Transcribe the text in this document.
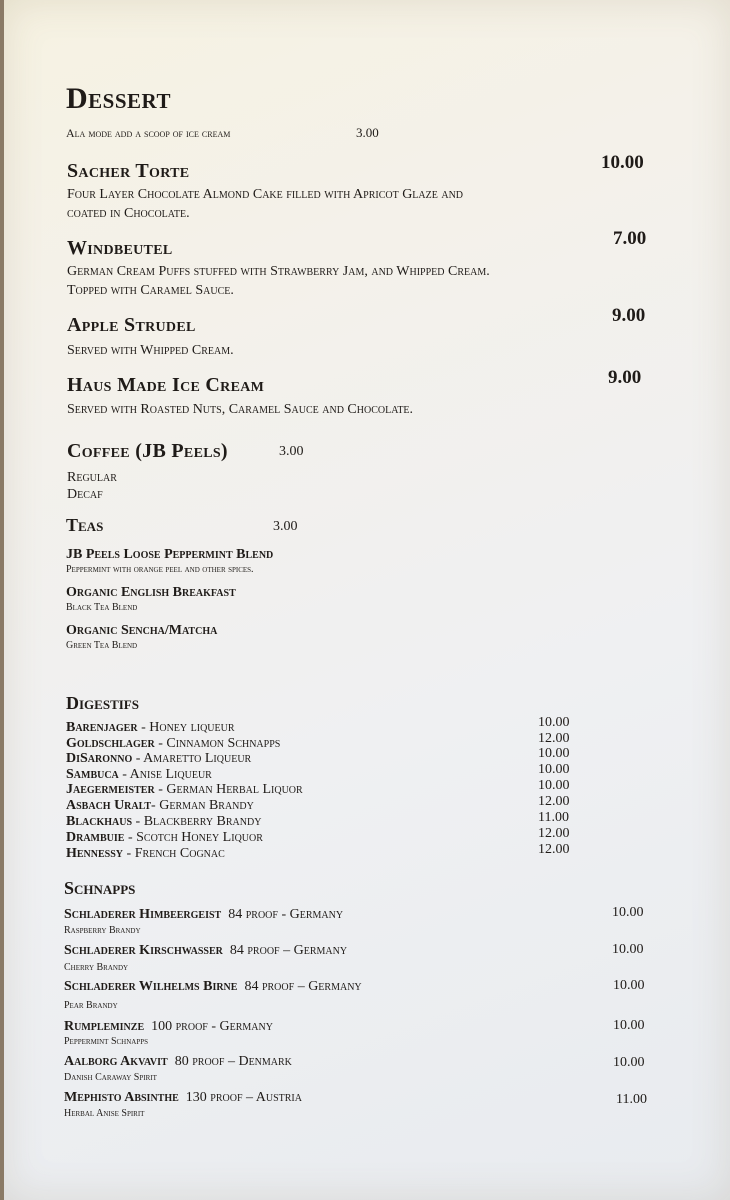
Dessert
Ala mode add a scoop of ice cream	3.00
Sacher Torte	10.00
Four Layer Chocolate Almond Cake filled with Apricot Glaze and
coated in Chocolate.
Windbeutel	7.00
German Cream Puffs stuffed with Strawberry Jam, and Whipped Cream.
Topped with Caramel Sauce.
Apple Strudel	9.00
Served with Whipped Cream.
Haus Made Ice Cream	9.00
Served with Roasted Nuts, Caramel Sauce and Chocolate.
Coffee (JB Peels)	3.00
Regular
Decaf
Teas	3.00
JB Peels Loose Peppermint Blend
Peppermint with orange peel and other spices.
Organic English Breakfast
Black Tea Blend
Organic Sencha/Matcha
Green Tea Blend
Digestifs
Barenjager - Honey liqueur	10.00
Goldschlager - Cinnamon Schnapps	12.00
DiSaronno - Amaretto Liqueur	10.00
Sambuca - Anise Liqueur	10.00
Jaegermeister - German Herbal Liquor	10.00
Asbach Uralt- German Brandy	12.00
Blackhaus - Blackberry Brandy	11.00
Drambuie - Scotch Honey Liquor	12.00
Hennessy - French Cognac	12.00
Schnapps
Schladerer Himbeergeist 84 proof - Germany
Raspberry Brandy
10.00
Schladerer Kirschwasser 84 proof – Germany
Cherry Brandy
10.00
Schladerer Wilhelms Birne 84 proof – Germany
Pear Brandy
10.00
Rumpleminze 100 proof - Germany
Peppermint Schnapps
10.00
Aalborg Akvavit 80 proof – Denmark
Danish Caraway Spirit
10.00
Mephisto Absinthe 130 proof – Austria
Herbal Anise Spirit
11.00
